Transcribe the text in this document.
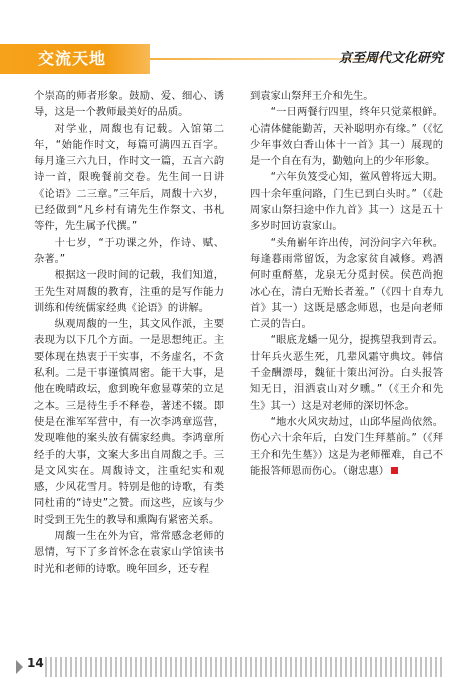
交流天地	京至周代文化研究

个崇高的师者形象。鼓励、爱、细心、诱导，这是一个教师最美好的品质。

对学业，周馥也有记载。入馆第二年，“始能作时文，每篇可满四五百字。每月逢三六九日，作时文一篇，五言六韵诗一首，限晚餐前交卷。先生间一日讲《论语》二三章。”三年后，周馥十六岁，已经做到“凡乡村有请先生作祭文、书札等件，先生属予代撰。”

十七岁，“于功课之外，作诗、赋、杂著。”

根据这一段时间的记载，我们知道，王先生对周馥的教育，注重的是写作能力训练和传统儒家经典《论语》的讲解。

纵观周馥的一生，其文风作派，主要表现为以下几个方面。一是思想纯正。主要体现在热衷于干实事，不务虚名，不贪私利。二是干事谨慎周密。能干大事，是他在晚晴政坛，愈到晚年愈显尊荣的立足之本。三是待生手不释卷，著述不辍。即使是在淮军军营中，有一次李鸿章巡营，发现唯他的案头放有儒家经典。李鸿章所经手的大事，文案大多出自周馥之手。三是文风实在。周馥诗文，注重纪实和观感，少风花雪月。特别是他的诗歌，有类同杜甫的“诗史”之赞。而这些，应该与少时受到王先生的教导和熏陶有紧密关系。

周馥一生在外为官，常常感念老师的恩情，写下了多首怀念在袁家山学馆读书时光和老师的诗歌。晚年回乡，还专程

到袁家山祭拜王介和先生。

“一日两餐行四里，终年只觉菜根鲜。心清体健能勤苦，天补聪明亦有缘。”（《忆少年事效白香山体十一首》其一）展现的是一个自在有为，勤勉向上的少年形象。

“六年负笈受心知，鲎风曾将远大期。四十余年重问路，门生已到白头时。”（《赴周家山祭扫途中作九首》其一）这是五十多岁时回访袁家山。

“头角嶄年许出传，河汾问字六年秋。每逢暮雨常留饭，为念家贫自减修。鸡酒何时重酹墓，龙泉无分觅封侯。侯芭尚抱冰心在，清白无贻长者羞。”（《四十自寿九首》其一）这既是感念师恩，也是向老师亡灵的告白。

“眼底龙蟠一见分，提携望我到青云。廿年兵火恶生死，几辈风霜守典坟。韩信千金酬漂母，魏征十策出河汾。白头报答知无日，泪洒袁山对夕曛。”（《王介和先生》其一）这是对老师的深切怀念。

“地水火风灾劫过，山邱华屋尚依然。伤心六十余年后，白发门生拜墓前。”（《拜王介和先生墓》）这是为老师罹难，自己不能报答师恩而伤心。（谢忠惠）

14
